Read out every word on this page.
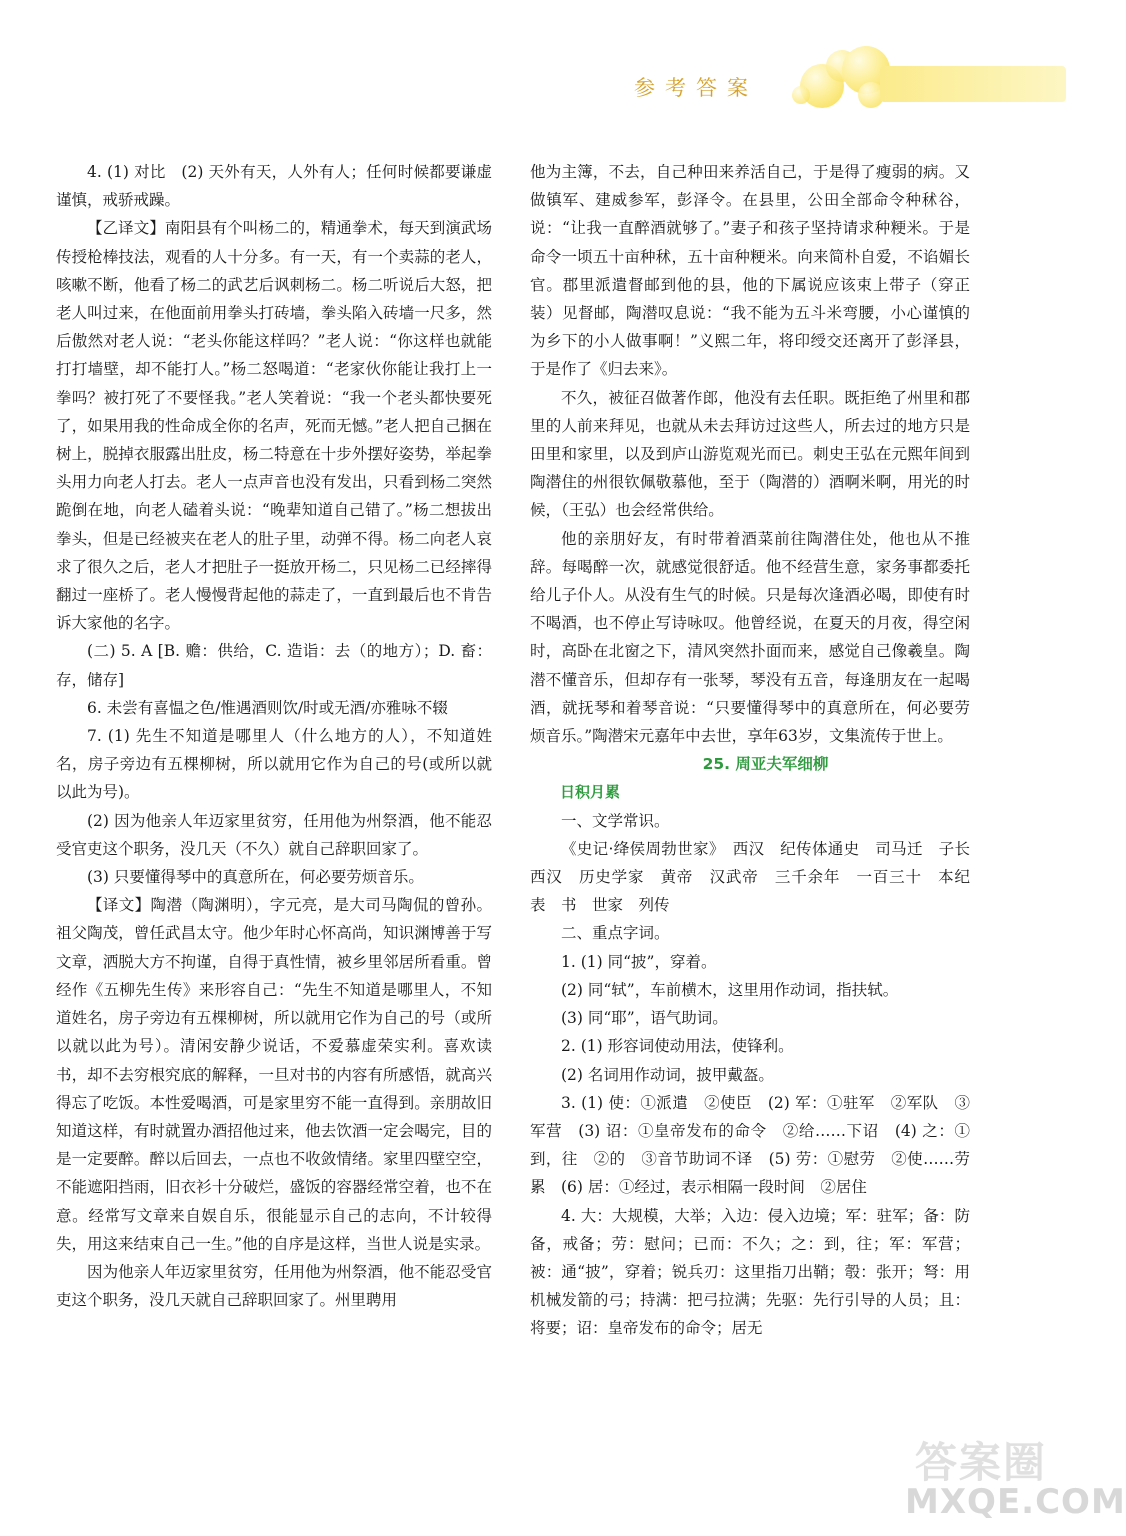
参考答案

4. (1) 对比　(2) 天外有天，人外有人；任何时候都要谦虚谨慎，戒骄戒躁。

【乙译文】南阳县有个叫杨二的，精通拳术，每天到演武场传授枪棒技法，观看的人十分多。有一天，有一个卖蒜的老人，咳嗽不断，他看了杨二的武艺后讽刺杨二。杨二听说后大怒，把老人叫过来，在他面前用拳头打砖墙，拳头陷入砖墙一尺多，然后傲然对老人说：“老头你能这样吗？”老人说：“你这样也就能打打墙壁，却不能打人。”杨二怒喝道：“老家伙你能让我打上一拳吗？被打死了不要怪我。”老人笑着说：“我一个老头都快要死了，如果用我的性命成全你的名声，死而无憾。”老人把自己捆在树上，脱掉衣服露出肚皮，杨二特意在十步外摆好姿势，举起拳头用力向老人打去。老人一点声音也没有发出，只看到杨二突然跪倒在地，向老人磕着头说：“晚辈知道自己错了。”杨二想拔出拳头，但是已经被夹在老人的肚子里，动弹不得。杨二向老人哀求了很久之后，老人才把肚子一挺放开杨二，只见杨二已经摔得翻过一座桥了。老人慢慢背起他的蒜走了，一直到最后也不肯告诉大家他的名字。

(二) 5. A [B. 赡：供给，C. 造诣：去（的地方）；D. 畜：存，储存]

6. 未尝有喜愠之色/惟遇酒则饮/时或无酒/亦雅咏不辍

7. (1) 先生不知道是哪里人（什么地方的人），不知道姓名，房子旁边有五棵柳树，所以就用它作为自己的号(或所以就以此为号)。

(2) 因为他亲人年迈家里贫穷，任用他为州祭酒，他不能忍受官吏这个职务，没几天（不久）就自己辞职回家了。

(3) 只要懂得琴中的真意所在，何必要劳烦音乐。

【译文】陶潜（陶渊明），字元亮，是大司马陶侃的曾孙。祖父陶茂，曾任武昌太守。他少年时心怀高尚，知识渊博善于写文章，洒脱大方不拘谨，自得于真性情，被乡里邻居所看重。曾经作《五柳先生传》来形容自己：“先生不知道是哪里人，不知道姓名，房子旁边有五棵柳树，所以就用它作为自己的号（或所以就以此为号）。清闲安静少说话，不爱慕虚荣实利。喜欢读书，却不去穷根究底的解释，一旦对书的内容有所感悟，就高兴得忘了吃饭。本性爱喝酒，可是家里穷不能一直得到。亲朋故旧知道这样，有时就置办酒招他过来，他去饮酒一定会喝完，目的是一定要醉。醉以后回去，一点也不收敛情绪。家里四壁空空，不能遮阳挡雨，旧衣衫十分破烂，盛饭的容器经常空着，也不在意。经常写文章来自娱自乐，很能显示自己的志向，不计较得失，用这来结束自己一生。”他的自序是这样，当世人说是实录。

因为他亲人年迈家里贫穷，任用他为州祭酒，他不能忍受官吏这个职务，没几天就自己辞职回家了。州里聘用

他为主簿，不去，自己种田来养活自己，于是得了瘦弱的病。又做镇军、建威参军，彭泽令。在县里，公田全部命令种秫谷，说：“让我一直醉酒就够了。”妻子和孩子坚持请求种粳米。于是命令一顷五十亩种秫，五十亩种粳米。向来简朴自爱，不谄媚长官。郡里派遣督邮到他的县，他的下属说应该束上带子（穿正装）见督邮，陶潜叹息说：“我不能为五斗米弯腰，小心谨慎的为乡下的小人做事啊！”义熙二年，将印绶交还离开了彭泽县，于是作了《归去来》。

不久，被征召做著作郎，他没有去任职。既拒绝了州里和郡里的人前来拜见，也就从未去拜访过这些人，所去过的地方只是田里和家里，以及到庐山游览观光而已。刺史王弘在元熙年间到陶潜住的州很钦佩敬慕他，至于（陶潜的）酒啊米啊，用光的时候，（王弘）也会经常供给。

他的亲朋好友，有时带着酒菜前往陶潜住处，他也从不推辞。每喝醉一次，就感觉很舒适。他不经营生意，家务事都委托给儿子仆人。从没有生气的时候。只是每次逢酒必喝，即使有时不喝酒，也不停止写诗咏叹。他曾经说，在夏天的月夜，得空闲时，高卧在北窗之下，清风突然扑面而来，感觉自己像羲皇。陶潜不懂音乐，但却存有一张琴，琴没有五音，每逢朋友在一起喝酒，就抚琴和着琴音说：“只要懂得琴中的真意所在，何必要劳烦音乐。”陶潜宋元嘉年中去世，享年63岁，文集流传于世上。

25. 周亚夫军细柳

日积月累

一、文学常识。

《史记·绛侯周勃世家》　西汉　纪传体通史　司马迁　子长　西汉　历史学家　黄帝　汉武帝　三千余年　一百三十　本纪　表　书　世家　列传

二、重点字词。

1. (1) 同“披”，穿着。

(2) 同“轼”，车前横木，这里用作动词，指扶轼。

(3) 同“耶”，语气助词。

2. (1) 形容词使动用法，使锋利。

(2) 名词用作动词，披甲戴盔。

3. (1) 使：①派遣　②使臣　(2) 军：①驻军　②军队　③军营　(3) 诏：①皇帝发布的命令　②给……下诏　(4) 之：①到，往　②的　③音节助词不译　(5) 劳：①慰劳　②使……劳累　(6) 居：①经过，表示相隔一段时间　②居住

4. 大：大规模，大举；入边：侵入边境；军：驻军；备：防备，戒备；劳：慰问；已而：不久；之：到，往；军：军营；被：通“披”，穿着；锐兵刃：这里指刀出鞘；彀：张开；弩：用机械发箭的弓；持满：把弓拉满；先驱：先行引导的人员；且：将要；诏：皇帝发布的命令；居无

答案圈
MXQE.COM
